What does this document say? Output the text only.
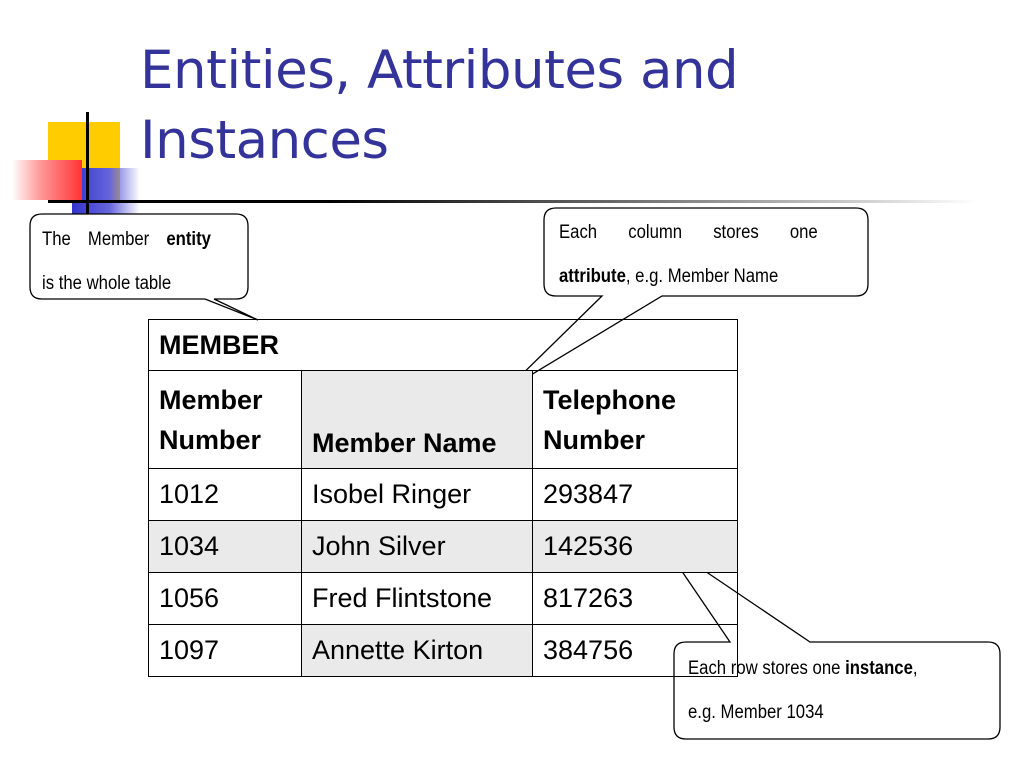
Entities, Attributes and
Instances
The Member entity
is the whole table
Each column stores one
attribute, e.g. Member Name
Each row stores one instance,
e.g. Member 1034
MEMBER		
Member Number	Member Name	Telephone Number
1012	Isobel Ringer	293847
1034	John Silver	142536
1056	Fred Flintstone	817263
1097	Annette Kirton	384756
